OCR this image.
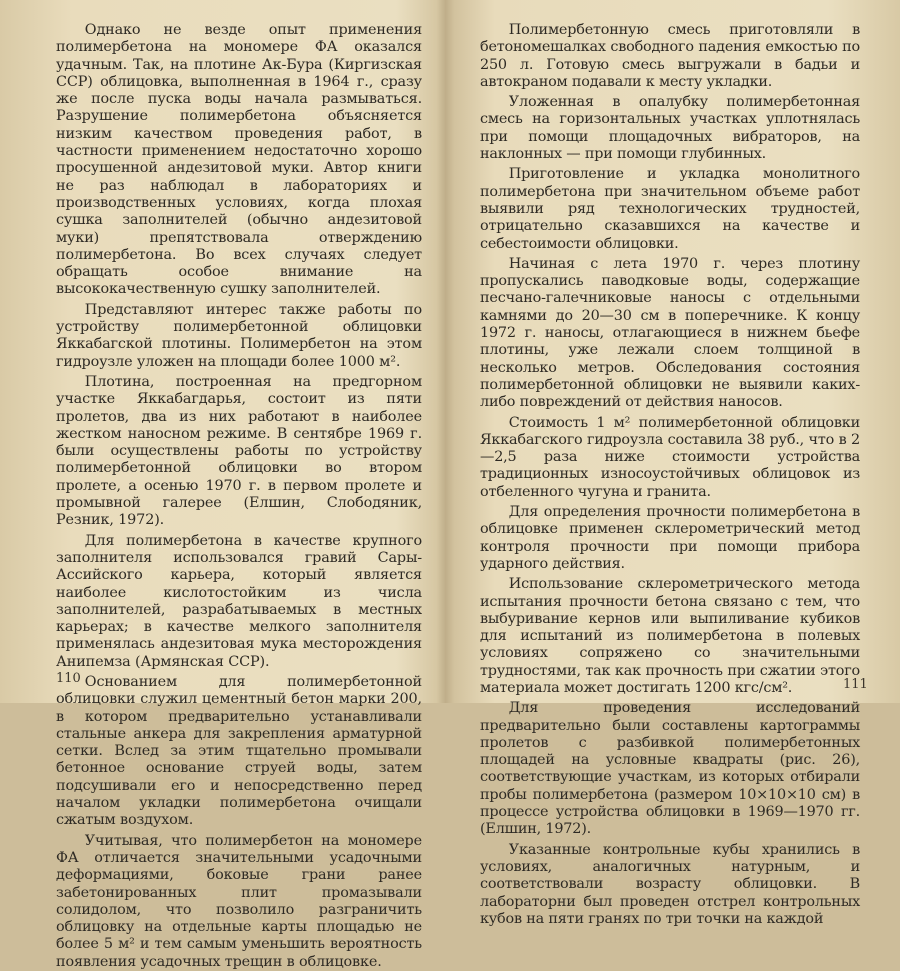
Однако не везде опыт применения полимербетона на мономере ФА оказался удачным. Так, на плотине Ак-Бура (Киргизская ССР) облицовка, выполненная в 1964 г., сразу же после пуска воды начала размываться. Разрушение полимербетона объясняется низким качеством проведения работ, в частности применением недостаточно хорошо просушенной андезитовой муки. Автор книги не раз наблюдал в лабораториях и производственных условиях, когда плохая сушка заполнителей (обычно андезитовой муки) препятствовала отверждению полимербетона. Во всех случаях следует обращать особое внимание на высококачественную сушку заполнителей.

Представляют интерес также работы по устройству полимербетонной облицовки Яккабагской плотины. Полимербетон на этом гидроузле уложен на площади более 1000 м².

Плотина, построенная на предгорном участке Яккабагдарья, состоит из пяти пролетов, два из них работают в наиболее жестком наносном режиме. В сентябре 1969 г. были осуществлены работы по устройству полимербетонной облицовки во втором пролете, а осенью 1970 г. в первом пролете и промывной галерее (Елшин, Слободяник, Резник, 1972).

Для полимербетона в качестве крупного заполнителя использовался гравий Сары-Ассийского карьера, который является наиболее кислотостойким из числа заполнителей, разрабатываемых в местных карьерах; в качестве мелкого заполнителя применялась андезитовая мука месторождения Анипемза (Армянская ССР).

Основанием для полимербетонной облицовки служил цементный бетон марки 200, в котором предварительно устанавливали стальные анкера для закрепления арматурной сетки. Вслед за этим тщательно промывали бетонное основание струей воды, затем подсушивали его и непосредственно перед началом укладки полимербетона очищали сжатым воздухом.

Учитывая, что полимербетон на мономере ФА отличается значительными усадочными деформациями, боковые грани ранее забетонированных плит промазывали солидолом, что позволило разграничить облицовку на отдельные карты площадью не более 5 м² и тем самым уменьшить вероятность появления усадочных трещин в облицовке.

110

Полимербетонную смесь приготовляли в бетономешалках свободного падения емкостью по 250 л. Готовую смесь выгружали в бадьи и автокраном подавали к месту укладки.

Уложенная в опалубку полимербетонная смесь на горизонтальных участках уплотнялась при помощи площадочных вибраторов, на наклонных — при помощи глубинных.

Приготовление и укладка монолитного полимербетона при значительном объеме работ выявили ряд технологических трудностей, отрицательно сказавшихся на качестве и себестоимости облицовки.

Начиная с лета 1970 г. через плотину пропускались паводковые воды, содержащие песчано-галечниковые наносы с отдельными камнями до 20—30 см в поперечнике. К концу 1972 г. наносы, отлагающиеся в нижнем бьефе плотины, уже лежали слоем толщиной в несколько метров. Обследования состояния полимербетонной облицовки не выявили каких-либо повреждений от действия наносов.

Стоимость 1 м² полимербетонной облицовки Яккабагского гидроузла составила 38 руб., что в 2—2,5 раза ниже стоимости устройства традиционных износоустойчивых облицовок из отбеленного чугуна и гранита.

Для определения прочности полимербетона в облицовке применен склерометрический метод контроля прочности при помощи прибора ударного действия.

Использование склерометрического метода испытания прочности бетона связано с тем, что выбуривание кернов или выпиливание кубиков для испытаний из полимербетона в полевых условиях сопряжено со значительными трудностями, так как прочность при сжатии этого материала может достигать 1200 кгс/см².

Для проведения исследований предварительно были составлены картограммы пролетов с разбивкой полимербетонных площадей на условные квадраты (рис. 26), соответствующие участкам, из которых отбирали пробы полимербетона (размером 10×10×10 см) в процессе устройства облицовки в 1969—1970 гг. (Елшин, 1972).

Указанные контрольные кубы хранились в условиях, аналогичных натурным, и соответствовали возрасту облицовки. В лабораторни был проведен отстрел контрольных кубов на пяти гранях по три точки на каждой

111
